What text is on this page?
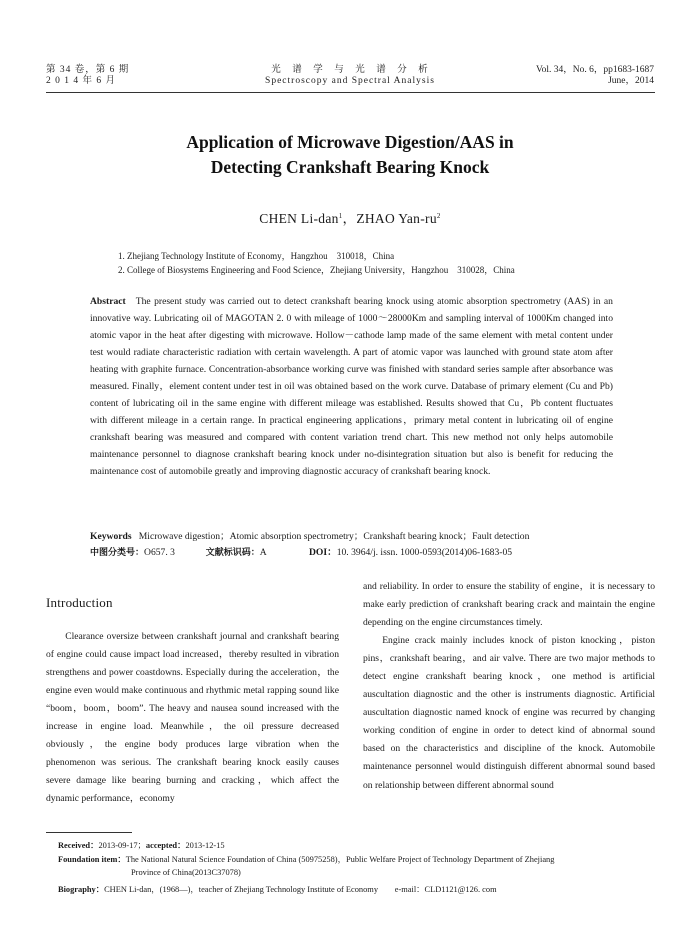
第 34 卷，第 6 期
2 0 1 4 年 6 月
光　谱　学　与　光　谱　分　析
Spectroscopy and Spectral Analysis
Vol. 34，No. 6，pp1683-1687
June，2014
Application of Microwave Digestion/AAS in
Detecting Crankshaft Bearing Knock
CHEN Li-dan$^1$，ZHAO Yan-$ru^2$
1. Zhejiang Technology Institute of Economy，Hangzhou　310018，China
2. College of Biosystems Engineering and Food Science，Zhejiang University，Hangzhou　310028，China
Abstract The present study was carried out to detect crankshaft bearing knock using atomic absorption spectrometry (AAS) in an innovative way. Lubricating oil of MAGOTAN 2. 0 with mileage of 1000～28000Km and sampling interval of 1000Km changed into atomic vapor in the heat after digesting with microwave. Hollow－cathode lamp made of the same element with metal content under test would radiate characteristic radiation with certain wavelength. A part of atomic vapor was launched with ground state atom after heating with graphite furnace. Concentration-absorbance working curve was finished with standard series sample after absorbance was measured. Finally，element content under test in oil was obtained based on the work curve. Database of primary element (Cu and Pb) content of lubricating oil in the same engine with different mileage was established. Results showed that Cu，Pb content fluctuates with different mileage in a certain range. In practical engineering applications，primary metal content in lubricating oil of engine crankshaft bearing was measured and compared with content variation trend chart. This new method not only helps automobile maintenance personnel to diagnose crankshaft bearing knock under no-disintegration situation but also is benefit for reducing the maintenance cost of automobile greatly and improving diagnostic accuracy of crankshaft bearing knock.
Keywords Microwave digestion；Atomic absorption spectrometry；Crankshaft bearing knock；Fault detection
中图分类号：O657. 3	文献标识码：A	DOI：10. 3964/j. issn. 1000-0593(2014)06-1683-05
Introduction

Clearance oversize between crankshaft journal and crankshaft bearing of engine could cause impact load increased，thereby resulted in vibration strengthens and power coastdowns. Especially during the acceleration，the engine even would make continuous and rhythmic metal rapping sound like “boom，boom，boom”. The heavy and nausea sound increased with the increase in engine load. Meanwhile，the oil pressure decreased obviously，the engine body produces large vibration when the phenomenon was serious. The crankshaft bearing knock easily causes severe damage like bearing burning and cracking，which affect the dynamic performance，economy

and reliability. In order to ensure the stability of engine，it is necessary to make early prediction of crankshaft bearing crack and maintain the engine depending on the engine circumstances timely.

Engine crack mainly includes knock of piston knocking，piston pins，crankshaft bearing，and air valve. There are two major methods to detect engine crankshaft bearing knock，one method is artificial auscultation diagnostic and the other is instruments diagnostic. Artificial auscultation diagnostic named knock of engine was recurred by changing working condition of engine in order to detect kind of abnormal sound based on the characteristics and discipline of the knock. Automobile maintenance personnel would distinguish different abnormal sound based on relationship between different abnormal sound

Received：2013-09-17；accepted：2013-12-15
Foundation item：The National Natural Science Foundation of China (50975258)，Public Welfare Project of Technology Department of Zhejiang
Province of China(2013C37078)
Biography：CHEN Li-dan，(1968—)，teacher of Zhejiang Technology Institute of Economy　　e-mail：CLD1121@126. com
